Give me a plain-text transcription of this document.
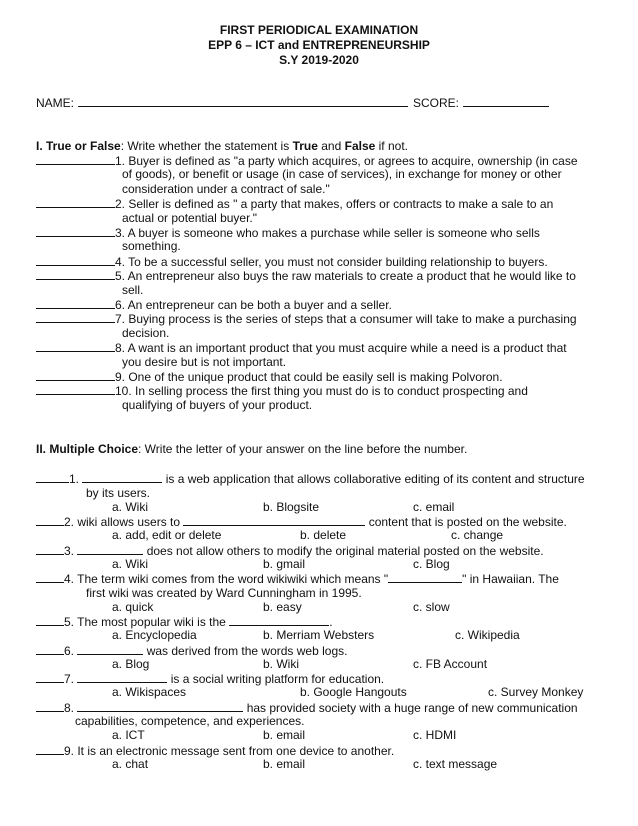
FIRST PERIODICAL EXAMINATION
EPP 6 – ICT and ENTREPRENEURSHIP
S.Y 2019-2020
NAME:	SCORE:
I. True or False: Write whether the statement is True and False if not.
1. Buyer is defined as "a party which acquires, or agrees to acquire, ownership (in case
of goods), or benefit or usage (in case of services), in exchange for money or other
consideration under a contract of sale."
2. Seller is defined as " a party that makes, offers or contracts to make a sale to an
actual or potential buyer."
3. A buyer is someone who makes a purchase while seller is someone who sells
something.
4. To be a successful seller, you must not consider building relationship to buyers.
5. An entrepreneur also buys the raw materials to create a product that he would like to
sell.
6. An entrepreneur can be both a buyer and a seller.
7. Buying process is the series of steps that a consumer will take to make a purchasing
decision.
8. A want is an important product that you must acquire while a need is a product that
you desire but is not important.
9. One of the unique product that could be easily sell is making Polvoron.
10. In selling process the first thing you must do is to conduct prospecting and
qualifying of buyers of your product.
II. Multiple Choice: Write the letter of your answer on the line before the number.
1.	is a web application that allows collaborative editing of its content and structure
by its users.
a. Wiki	b. Blogsite	c. email
2. wiki allows users to	content that is posted on the website.
a. add, edit or delete	b. delete	c. change
3.	does not allow others to modify the original material posted on the website.
a. Wiki	b. gmail	c. Blog
4. The term wiki comes from the word wikiwiki which means "	" in Hawaiian. The
first wiki was created by Ward Cunningham in 1995.
a. quick	b. easy	c. slow
5. The most popular wiki is the	.
a. Encyclopedia	b. Merriam Websters	c. Wikipedia
6.	was derived from the words web logs.
a. Blog	b. Wiki	c. FB Account
7.	is a social writing platform for education.
a. Wikispaces	b. Google Hangouts	c. Survey Monkey
8.	has provided society with a huge range of new communication
capabilities, competence, and experiences.
a. ICT	b. email	c. HDMI
9. It is an electronic message sent from one device to another.
a. chat	b. email	c. text message
